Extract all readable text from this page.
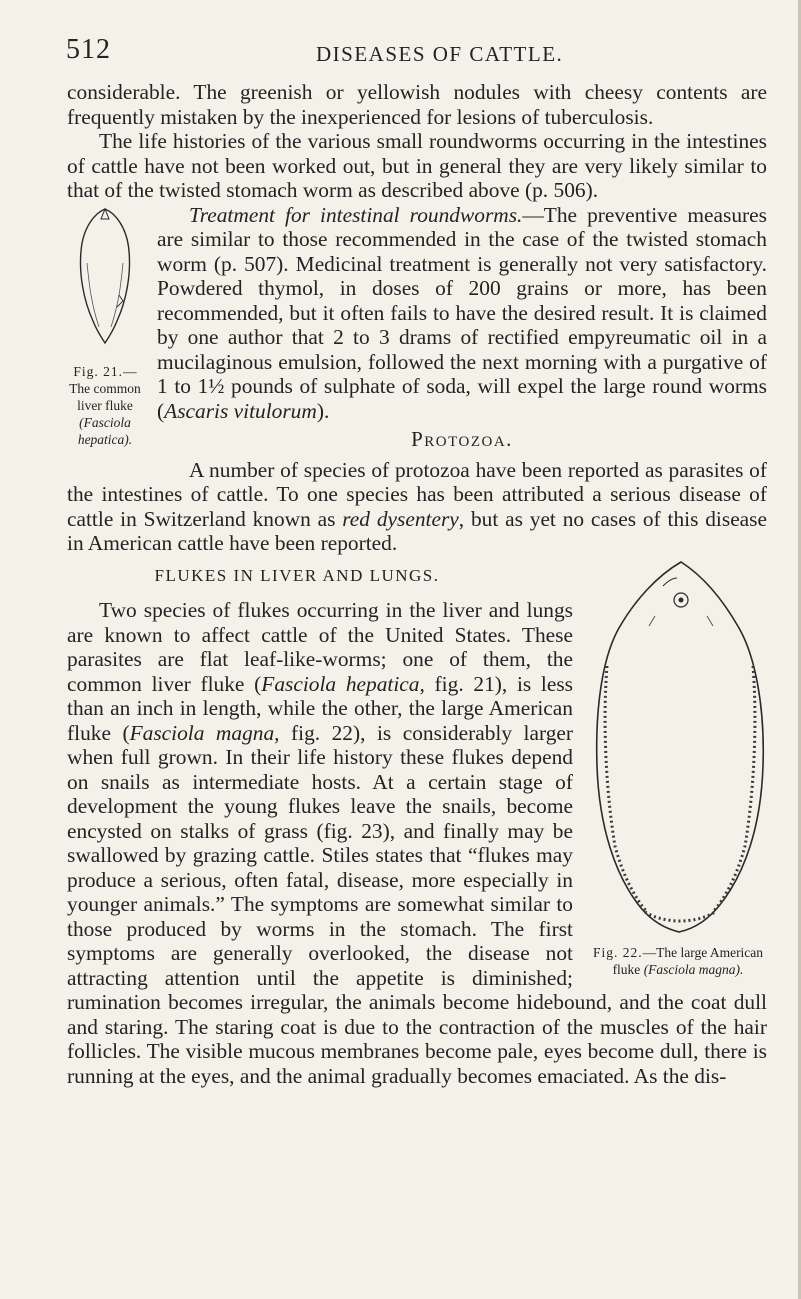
512	DISEASES OF CATTLE.

considerable. The greenish or yellowish nodules with cheesy contents are frequently mistaken by the inexperienced for lesions of tuberculosis.

The life histories of the various small roundworms occurring in the intestines of cattle have not been worked out, but in general they are very likely similar to that of the twisted stomach worm as described above (p. 506).

Fig. 21.—The common liver fluke (Fasciola hepatica).

Treatment for intestinal roundworms.—The preventive measures are similar to those recommended in the case of the twisted stomach worm (p. 507). Medicinal treatment is generally not very satisfactory. Powdered thymol, in doses of 200 grains or more, has been recommended, but it often fails to have the desired result. It is claimed by one author that 2 to 3 drams of rectified empyreumatic oil in a mucilaginous emulsion, followed the next morning with a purgative of 1 to 1½ pounds of sulphate of soda, will expel the large round worms (Ascaris vitulorum).

Protozoa.

A number of species of protozoa have been reported as parasites of the intestines of cattle. To one species has been attributed a serious disease of cattle in Switzerland known as red dysentery, but as yet no cases of this disease in American cattle have been reported.

Fig. 22.—The large American fluke (Fasciola magna).
FLUKES IN LIVER AND LUNGS.

Two species of flukes occurring in the liver and lungs are known to affect cattle of the United States. These parasites are flat leaf-like-worms; one of them, the common liver fluke (Fasciola hepatica, fig. 21), is less than an inch in length, while the other, the large American fluke (Fasciola magna, fig. 22), is considerably larger when full grown. In their life history these flukes depend on snails as intermediate hosts. At a certain stage of development the young flukes leave the snails, become encysted on stalks of grass (fig. 23), and finally may be swallowed by grazing cattle. Stiles states that “flukes may produce a serious, often fatal, disease, more especially in younger animals.” The symptoms are somewhat similar to those produced by worms in the stomach. The first symptoms are generally overlooked, the disease not attracting attention until the appetite is diminished; rumination becomes irregular, the animals become hidebound, and the coat dull and staring. The staring coat is due to the contraction of the muscles of the hair follicles. The visible mucous membranes become pale, eyes become dull, there is running at the eyes, and the animal gradually becomes emaciated. As the dis-
